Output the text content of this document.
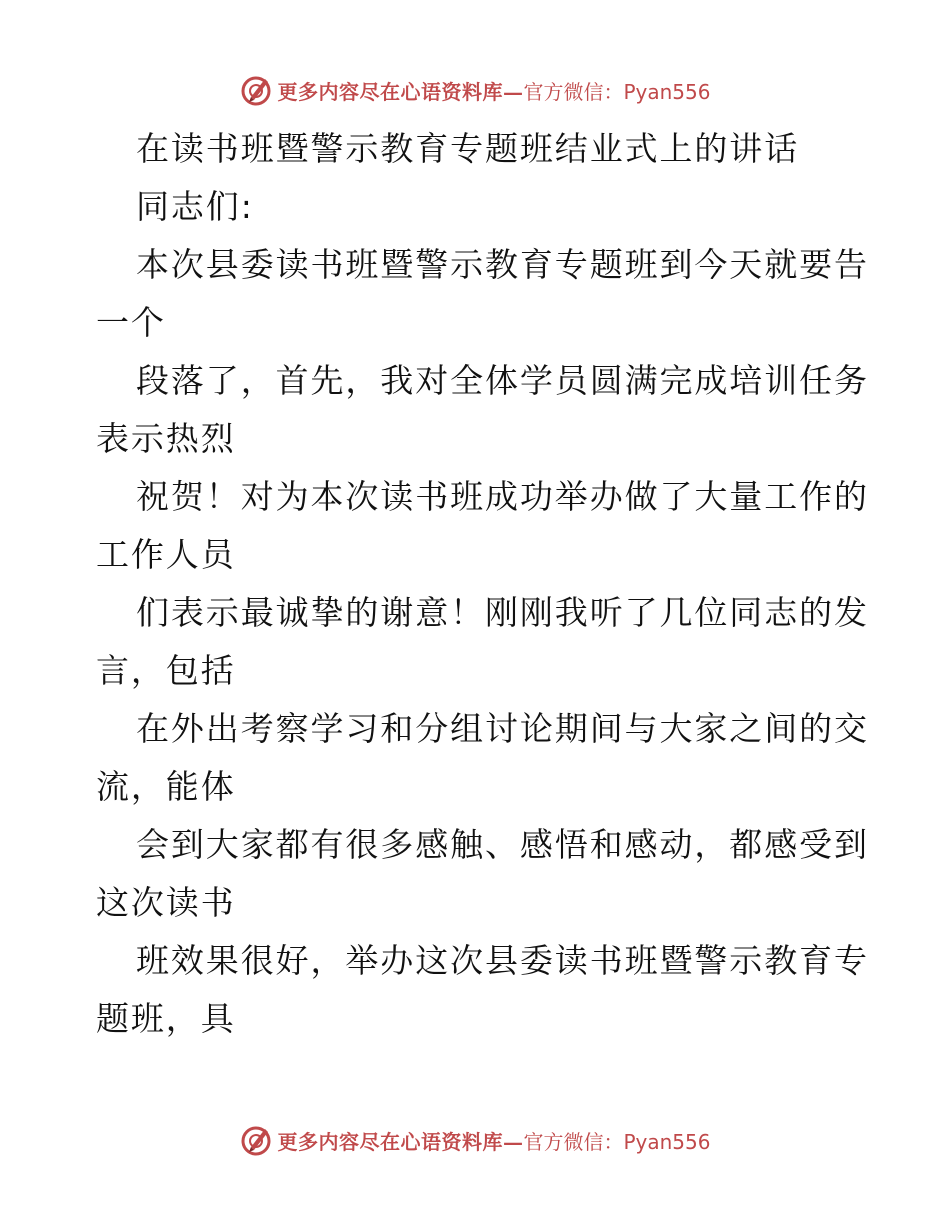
更多内容尽在心语资料库— 官方微信：Pyan556
在读书班暨警示教育专题班结业式上的讲话
同志们:
本次县委读书班暨警示教育专题班到今天就要告
一个
段落了，首先，我对全体学员圆满完成培训任务
表示热烈
祝贺！对为本次读书班成功举办做了大量工作的
工作人员
们表示最诚挚的谢意！刚刚我听了几位同志的发
言，包括
在外出考察学习和分组讨论期间与大家之间的交
流，能体
会到大家都有很多感触、感悟和感动，都感受到
这次读书
班效果很好，举办这次县委读书班暨警示教育专
题班，具
更多内容尽在心语资料库— 官方微信：Pyan556
